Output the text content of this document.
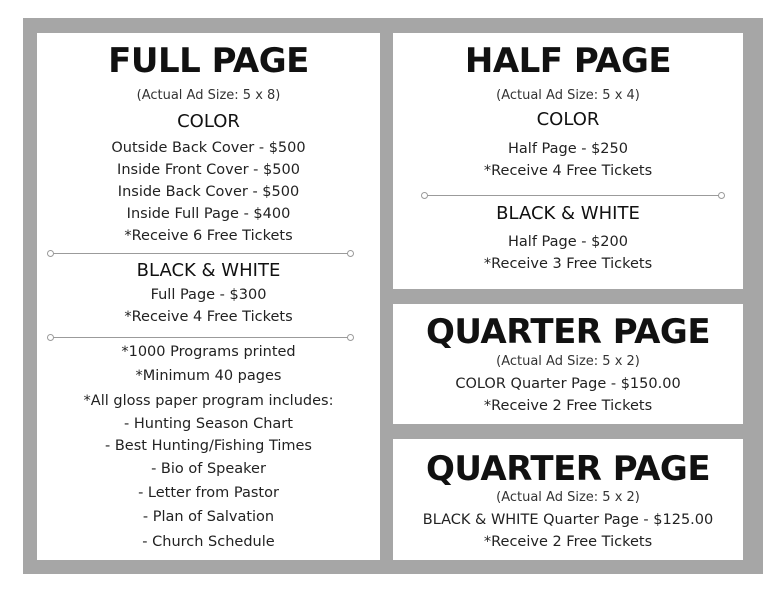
FULL PAGE
(Actual Ad Size: 5 x 8)
COLOR
Outside Back Cover - $500
Inside Front Cover - $500
Inside Back Cover - $500
Inside Full Page - $400
*Receive 6 Free Tickets
BLACK & WHITE
Full Page - $300
*Receive 4 Free Tickets
*1000 Programs printed
*Minimum 40 pages
*All gloss paper program includes:
- Hunting Season Chart
- Best Hunting/Fishing Times
- Bio of Speaker
- Letter from Pastor
- Plan of Salvation
- Church Schedule
HALF PAGE
(Actual Ad Size: 5 x 4)
COLOR
Half Page - $250
*Receive 4 Free Tickets
BLACK & WHITE
Half Page - $200
*Receive 3 Free Tickets
QUARTER PAGE
(Actual Ad Size: 5 x 2)
COLOR Quarter Page - $150.00
*Receive 2 Free Tickets
QUARTER PAGE
(Actual Ad Size: 5 x 2)
BLACK & WHITE Quarter Page - $125.00
*Receive 2 Free Tickets
